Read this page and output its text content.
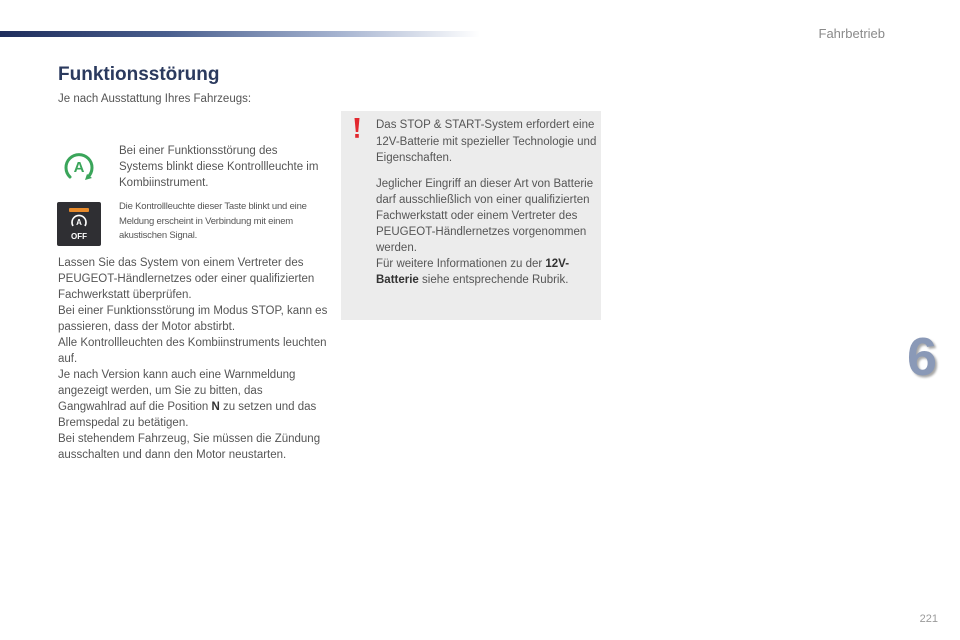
Fahrbetrieb
Funktionsstörung
Je nach Ausstattung Ihres Fahrzeugs:
A
Bei einer Funktionsstörung des Systems blinkt diese Kontrollleuchte im Kombiinstrument.
A
OFF
Die Kontrollleuchte dieser Taste blinkt und eine Meldung erscheint in Verbindung mit einem akustischen Signal.

Lassen Sie das System von einem Vertreter des PEUGEOT-Händlernetzes oder einer qualifizierten Fachwerkstatt überprüfen.
Bei einer Funktionsstörung im Modus STOP, kann es passieren, dass der Motor abstirbt.
Alle Kontrollleuchten des Kombiinstruments leuchten auf.
Je nach Version kann auch eine Warnmeldung angezeigt werden, um Sie zu bitten, das Gangwahlrad auf die Position N zu setzen und das Bremspedal zu betätigen.
Bei stehendem Fahrzeug, Sie müssen die Zündung ausschalten und dann den Motor neustarten.

Das STOP & START-System erfordert eine 12V-Batterie mit spezieller Technologie und Eigenschaften.

Jeglicher Eingriff an dieser Art von Batterie darf ausschließlich von einer qualifizierten Fachwerkstatt oder einem Vertreter des PEUGEOT-Händlernetzes vorgenommen werden.
Für weitere Informationen zu der 12V-Batterie siehe entsprechende Rubrik.

6
221
